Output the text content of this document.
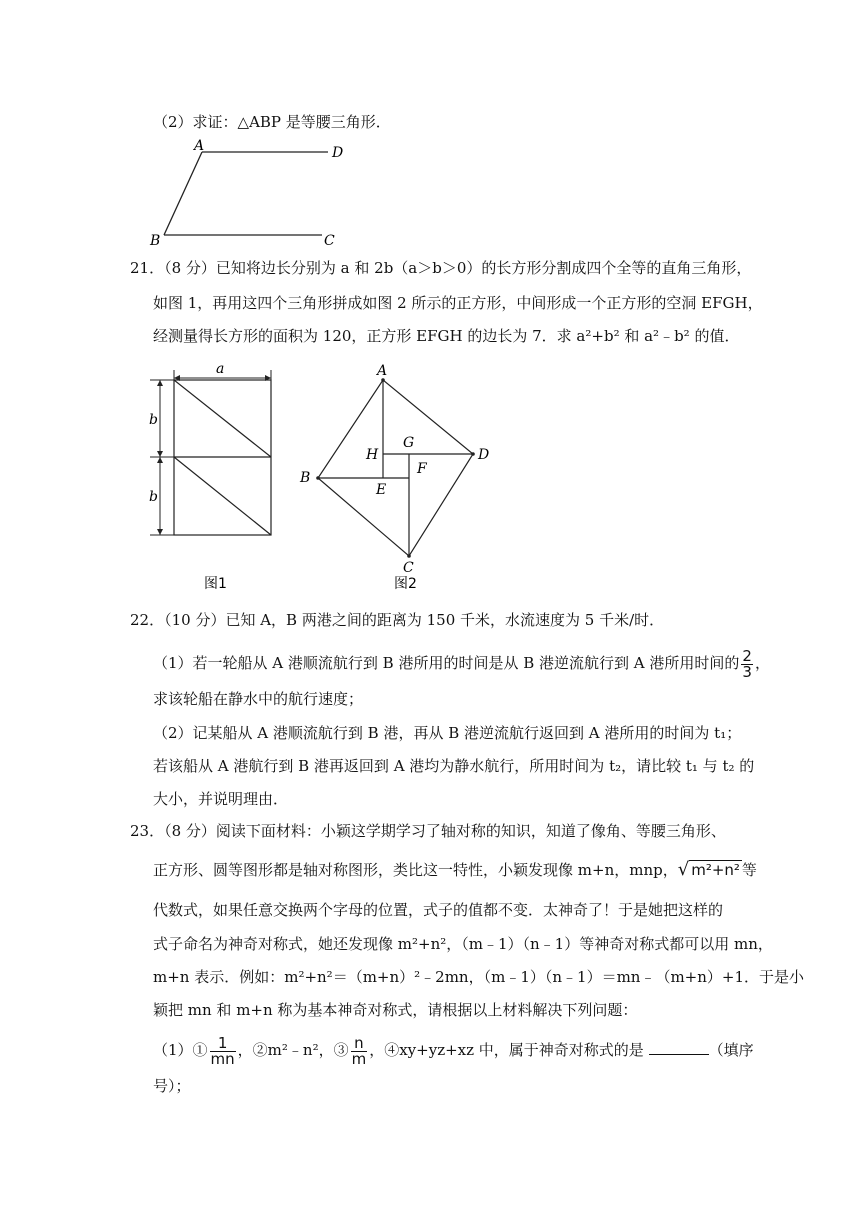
（2）求证：△ABP 是等腰三角形．
A	D
B	C
21．（8 分）已知将边长分别为 a 和 2b（a＞b＞0）的长方形分割成四个全等的直角三角形，
如图 1，再用这四个三角形拼成如图 2 所示的正方形，中间形成一个正方形的空洞 EFGH，
经测量得长方形的面积为 120，正方形 EFGH 的边长为 7．求 a²+b² 和 a²﹣b² 的值．
a
b
b
图1
A
D
C
B
G
H
F
E
图2
22．（10 分）已知 A，B 两港之间的距离为 150 千米，水流速度为 5 千米/时．
（1）若一轮船从 A 港顺流航行到 B 港所用的时间是从 B 港逆流航行到 A 港所用时间的 $\frac{2}{3}$ ，
求该轮船在静水中的航行速度；
（2）记某船从 A 港顺流航行到 B 港，再从 B 港逆流航行返回到 A 港所用的时间为 t₁；
若该船从 A 港航行到 B 港再返回到 A 港均为静水航行，所用时间为 t₂，请比较 t₁ 与 t₂ 的
大小，并说明理由．
23．（8 分）阅读下面材料：小颖这学期学习了轴对称的知识，知道了像角、等腰三角形、
正方形、圆等图形都是轴对称图形，类比这一特性，小颖发现像 m+n，mnp，√ m²+n² 等
代数式，如果任意交换两个字母的位置，式子的值都不变．太神奇了！于是她把这样的
式子命名为神奇对称式，她还发现像 m²+n²，（m﹣1）（n﹣1）等神奇对称式都可以用 mn，
m+n 表示．例如：m²+n²＝（m+n）²﹣2mn，（m﹣1）（n﹣1）＝mn﹣（m+n）+1．于是小
颖把 mn 和 m+n 称为基本神奇对称式，请根据以上材料解决下列问题：
（1）① $\frac{1}{mn}$ ，②m²﹣n²，③ $\frac{n}{m}$ ，④xy+yz+xz 中，属于神奇对称式的是	（填序
号）；
